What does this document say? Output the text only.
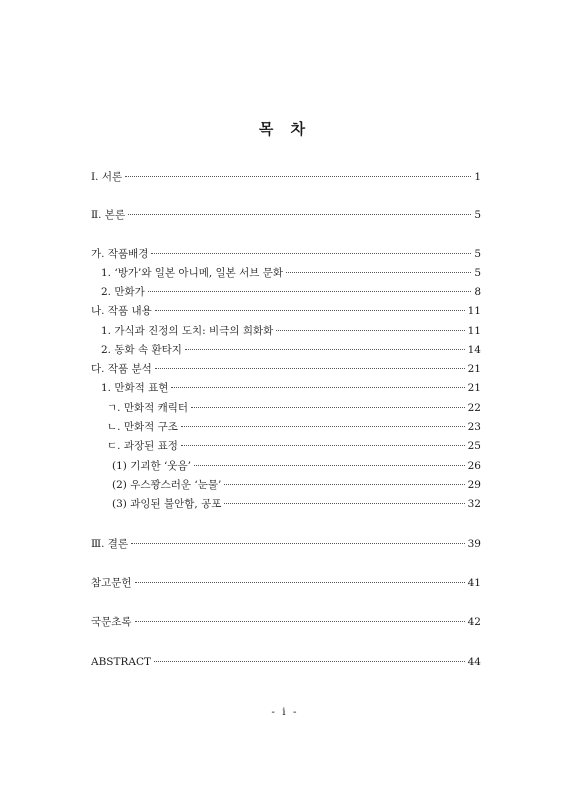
목 차
Ⅰ. 서론	1
Ⅱ. 본론	5
가. 작품배경	5
1. ‘방가’와 일본 아니메, 일본 서브 문화	5
2. 만화가	8
나. 작품 내용	11
1. 가식과 진정의 도치: 비극의 희화화	11
2. 동화 속 환타지	14
다. 작품 분석	21
1. 만화적 표현	21
ㄱ. 만화적 캐릭터	22
ㄴ. 만화적 구조	23
ㄷ. 과장된 표정	25
(1) 기괴한 ‘웃음’	26
(2) 우스꽝스러운 ‘눈물’	29
(3) 과잉된 불안함, 공포	32
Ⅲ. 결론	39
참고문헌	41
국문초록	42
ABSTRACT	44
- i -
